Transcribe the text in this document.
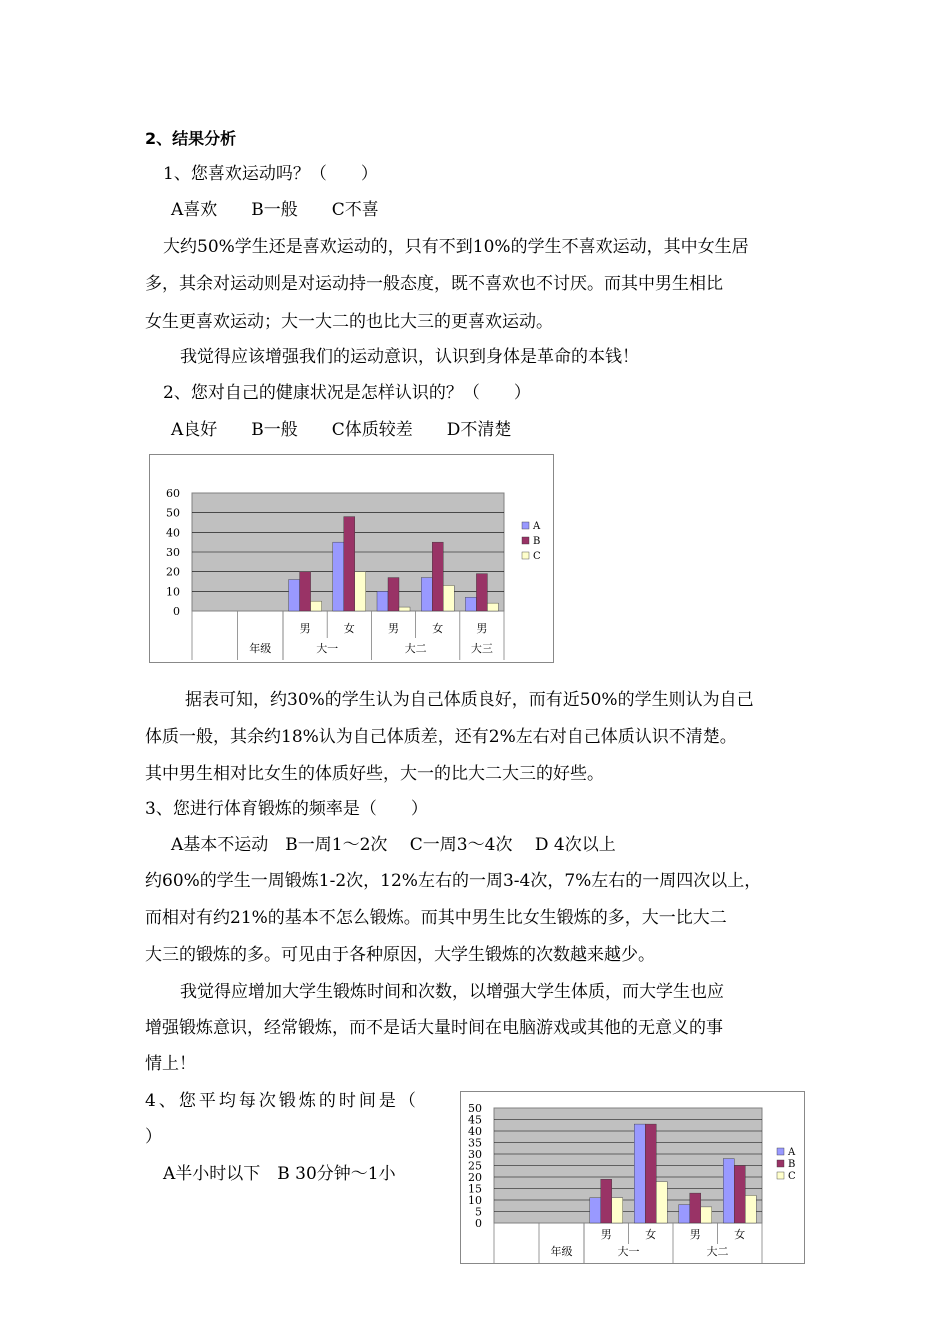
2、结果分析
1、您喜欢运动吗？（　　）
A喜欢　　B一般　　C不喜
大约50%学生还是喜欢运动的，只有不到10%的学生不喜欢运动，其中女生居
多，其余对运动则是对运动持一般态度，既不喜欢也不讨厌。而其中男生相比
女生更喜欢运动；大一大二的也比大三的更喜欢运动。
我觉得应该增强我们的运动意识，认识到身体是革命的本钱！
2、您对自己的健康状况是怎样认识的？（　　）
A良好　　B一般　　C体质较差　　D不清楚
0
10
20
30
40
50
60
男	女	男	女	男
大一	大二	大三
年级
A
B
C
据表可知，约30%的学生认为自己体质良好，而有近50%的学生则认为自己
体质一般，其余约18%认为自己体质差，还有2%左右对自己体质认识不清楚。
其中男生相对比女生的体质好些，大一的比大二大三的好些。
3、您进行体育锻炼的频率是（　　）
A基本不运动　B一周1～2次　 C一周3～4次　 D 4次以上
约60%的学生一周锻炼1-2次，12%左右的一周3-4次，7%左右的一周四次以上，
而相对有约21%的基本不怎么锻炼。而其中男生比女生锻炼的多，大一比大二
大三的锻炼的多。可见由于各种原因，大学生锻炼的次数越来越少。
我觉得应增加大学生锻炼时间和次数，以增强大学生体质，而大学生也应
增强锻炼意识，经常锻炼，而不是话大量时间在电脑游戏或其他的无意义的事
情上！
4、您平均每次锻炼的时间是（
）
A半小时以下　B 30分钟～1小
0
5
10
15
20
25
30
35
40
45
50
男	女	男	女
大一	大二
年级
A
B
C
